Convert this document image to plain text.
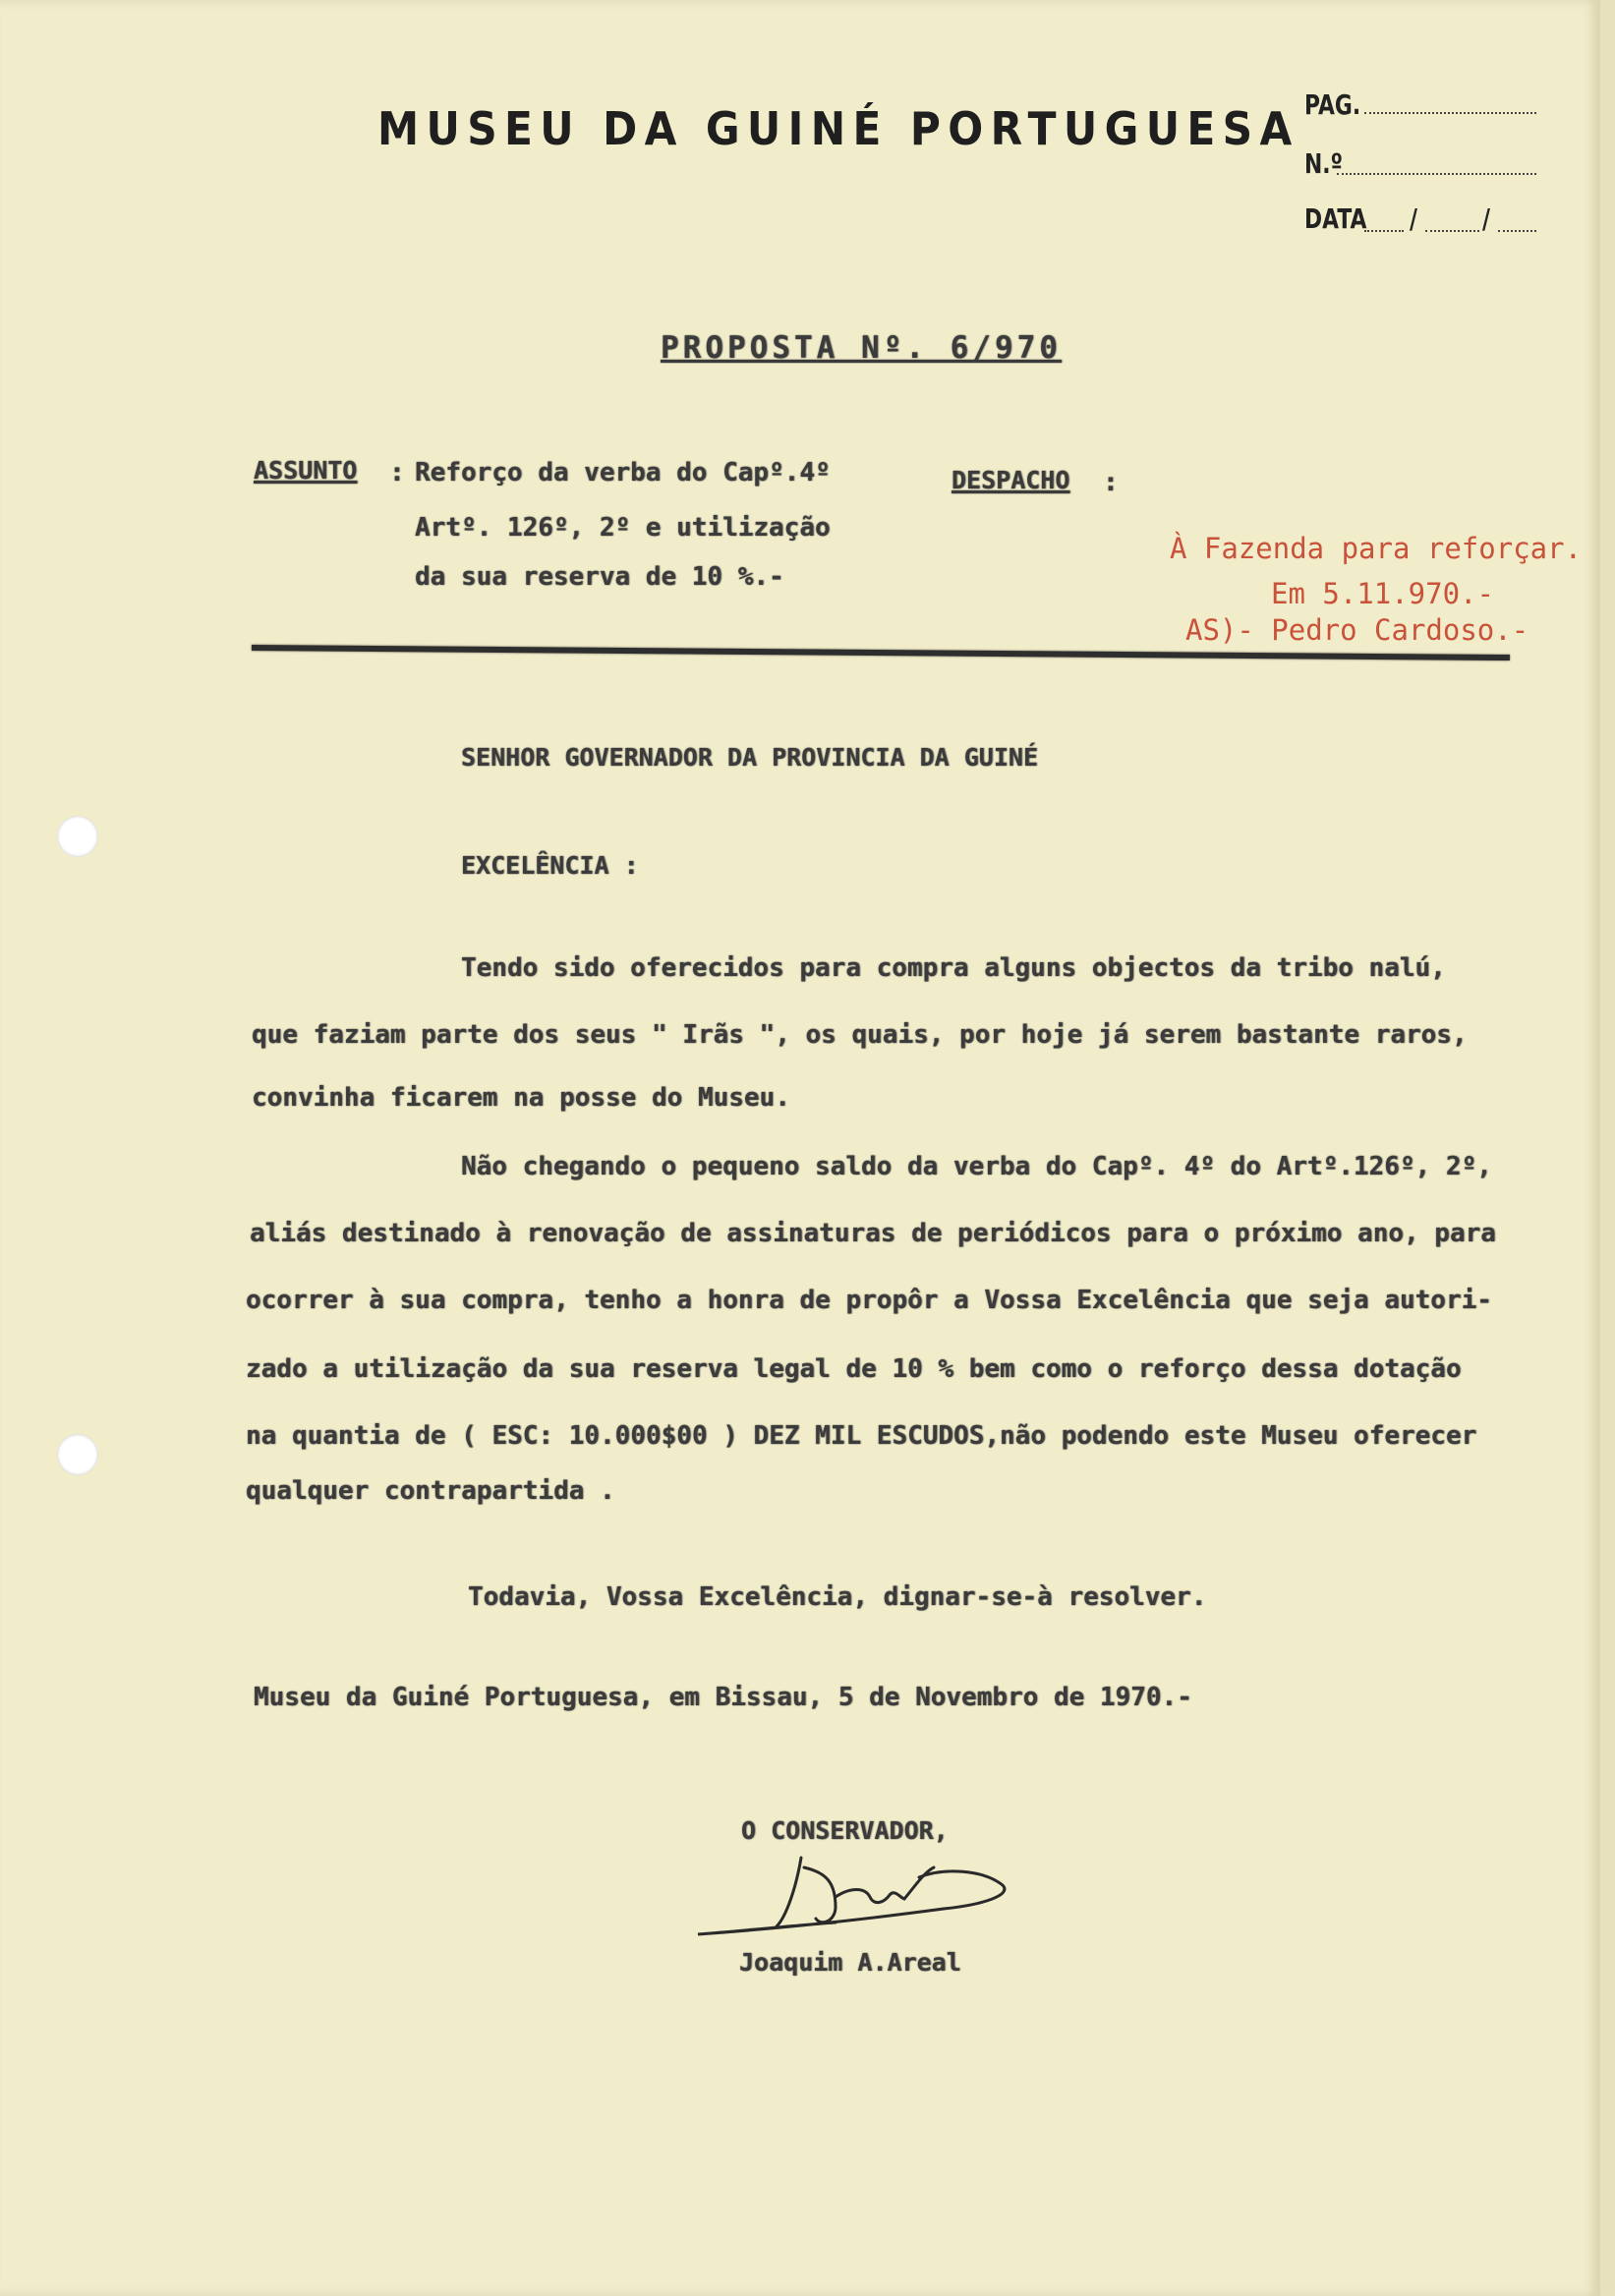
MUSEU DA GUINÉ PORTUGUESA PAG.
N.º
DATA / /
PROPOSTA Nº. 6/970
ASSUNTO : Reforço da verba do Capº.4º
Artº. 126º, 2º e utilização
da sua reserva de 10 %.-
DESPACHO :
À Fazenda para reforçar.
Em 5.11.970.-
AS)- Pedro Cardoso.-
SENHOR GOVERNADOR DA PROVINCIA DA GUINÉ
EXCELÊNCIA :
Tendo sido oferecidos para compra alguns objectos da tribo nalú,
que faziam parte dos seus " Irãs ", os quais, por hoje já serem bastante raros,
convinha ficarem na posse do Museu.
Não chegando o pequeno saldo da verba do Capº. 4º do Artº.126º, 2º,
aliás destinado à renovação de assinaturas de periódicos para o próximo ano, para
ocorrer à sua compra, tenho a honra de propôr a Vossa Excelência que seja autori-
zado a utilização da sua reserva legal de 10 % bem como o reforço dessa dotação
na quantia de ( ESC: 10.000$00 ) DEZ MIL ESCUDOS,não podendo este Museu oferecer
qualquer contrapartida .
Todavia, Vossa Excelência, dignar-se-à resolver.
Museu da Guiné Portuguesa, em Bissau, 5 de Novembro de 1970.-
O CONSERVADOR,
Joaquim A.Areal
